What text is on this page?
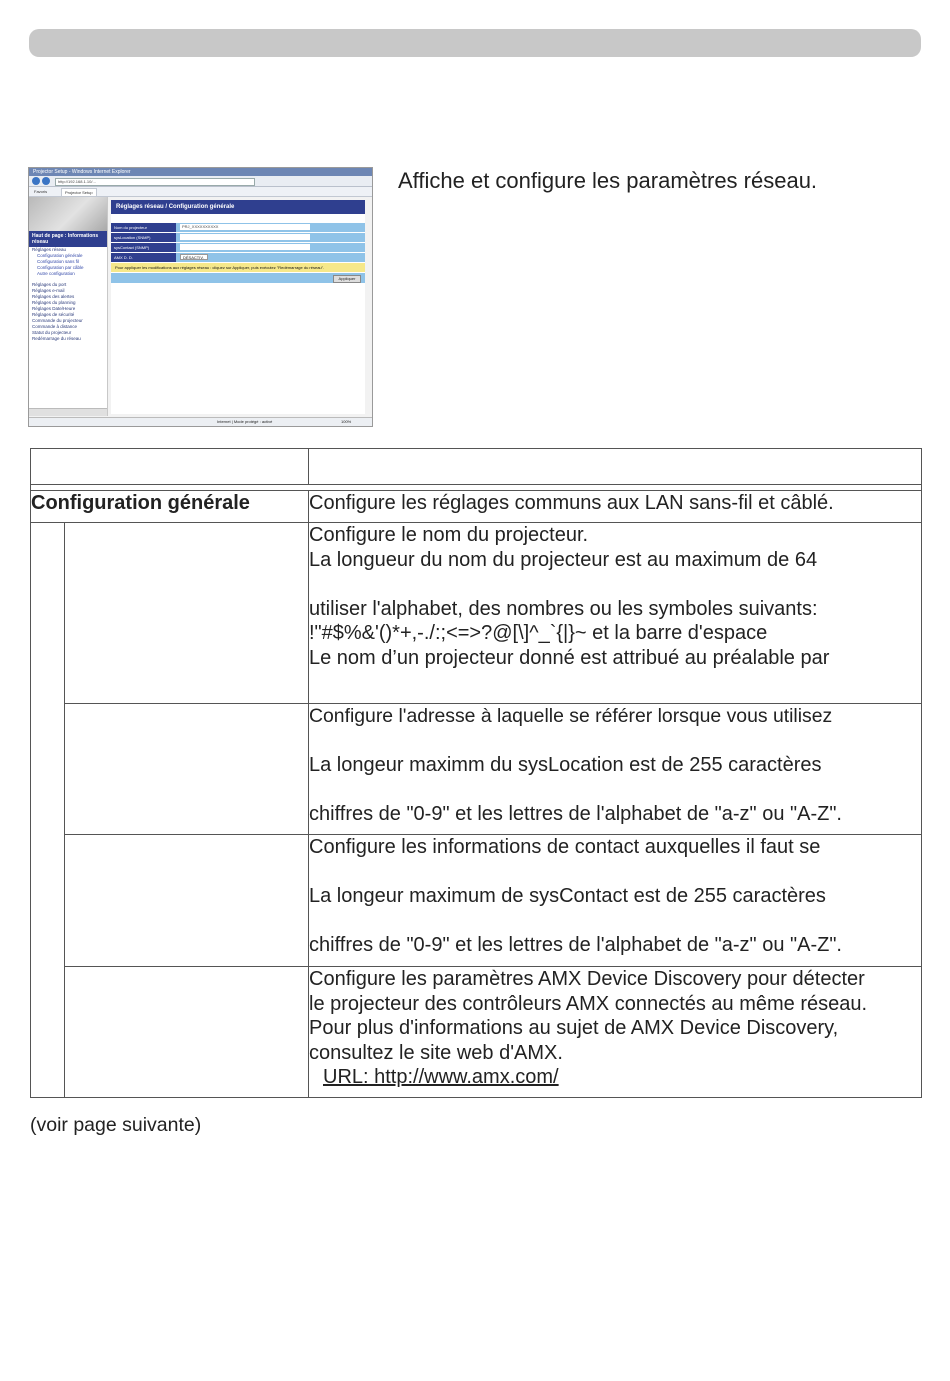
Projector Setup - Windows Internet Explorer
http://192.168.1.10/...
Favoris	Projector Setup
Haut de page : Informations réseau
Réglages réseau
Configuration générale
Configuration sans fil
Configuration par câble
Autre configuration
Réglages du port
Réglages e-mail
Réglages des alertes
Réglages du planning
Réglages Date/Heure
Réglages de sécurité
Commande du projecteur
Commande à distance
Statut du projecteur
Redémarrage du réseau
Réglages réseau / Configuration générale
Nom du projecteur	PRJ_XXXXXXXXXX
sysLocation (SNMP)
sysContact (SNMP)
AMX D. D.	DÉSACTIV.
Pour appliquer les modifications aux réglages réseau : cliquez sur Appliquer, puis exécutez "Redémarrage du réseau".
Appliquer
Internet | Mode protégé : activé	100%
Affiche et configure les paramètres réseau.

Configuration générale		Configure les réglages communs aux LAN sans-fil et câblé.

		Configure le nom du projecteur.
La longueur du nom du projecteur est au maximum de 64
utiliser l'alphabet, des nombres ou les symboles suivants:
!"#$%&'()*+,-./:;<=>?@[\]^_`{|}~ et la barre d'espace
Le nom d’un projecteur donné est attribué au préalable par

		Configure l'adresse à laquelle se référer lorsque vous utilisez
La longeur maximm du sysLocation est de 255 caractères
chiffres de "0-9" et les lettres de l'alphabet de "a-z" ou "A-Z".

		Configure les informations de contact auxquelles il faut se
La longeur maximum de sysContact est de 255 caractères
chiffres de "0-9" et les lettres de l'alphabet de "a-z" ou "A-Z".

		Configure les paramètres AMX Device Discovery pour détecter
le projecteur des contrôleurs AMX connectés au même réseau.
Pour plus d'informations au sujet de AMX Device Discovery,
consultez le site web d'AMX.
URL: http://www.amx.com/
(voir page suivante)
